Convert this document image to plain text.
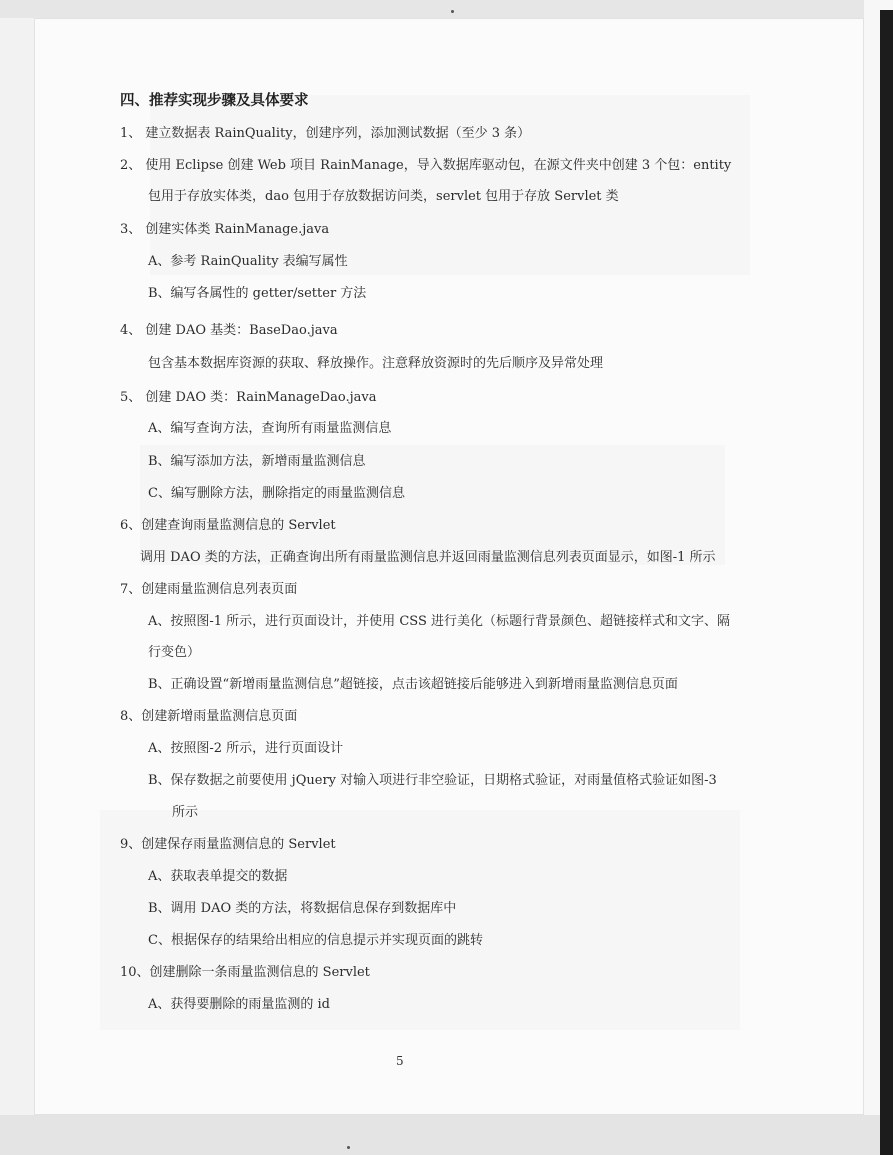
四、推荐实现步骤及具体要求
1、 建立数据表 RainQuality，创建序列，添加测试数据（至少 3 条）
2、 使用 Eclipse 创建 Web 项目 RainManage，导入数据库驱动包，在源文件夹中创建 3 个包：entity
包用于存放实体类，dao 包用于存放数据访问类，servlet 包用于存放 Servlet 类
3、 创建实体类 RainManage.java
A、参考 RainQuality 表编写属性
B、编写各属性的 getter/setter 方法
4、 创建 DAO 基类：BaseDao.java
包含基本数据库资源的获取、释放操作。注意释放资源时的先后顺序及异常处理
5、 创建 DAO 类：RainManageDao.java
A、编写查询方法，查询所有雨量监测信息
B、编写添加方法，新增雨量监测信息
C、编写删除方法，删除指定的雨量监测信息
6、创建查询雨量监测信息的 Servlet
调用 DAO 类的方法，正确查询出所有雨量监测信息并返回雨量监测信息列表页面显示，如图-1 所示
7、创建雨量监测信息列表页面
A、按照图-1 所示，进行页面设计，并使用 CSS 进行美化（标题行背景颜色、超链接样式和文字、隔
行变色）
B、正确设置“新增雨量监测信息”超链接，点击该超链接后能够进入到新增雨量监测信息页面
8、创建新增雨量监测信息页面
A、按照图-2 所示，进行页面设计
B、保存数据之前要使用 jQuery 对输入项进行非空验证，日期格式验证，对雨量值格式验证如图-3
所示
9、创建保存雨量监测信息的 Servlet
A、获取表单提交的数据
B、调用 DAO 类的方法，将数据信息保存到数据库中
C、根据保存的结果给出相应的信息提示并实现页面的跳转
10、创建删除一条雨量监测信息的 Servlet
A、获得要删除的雨量监测的 id
5
